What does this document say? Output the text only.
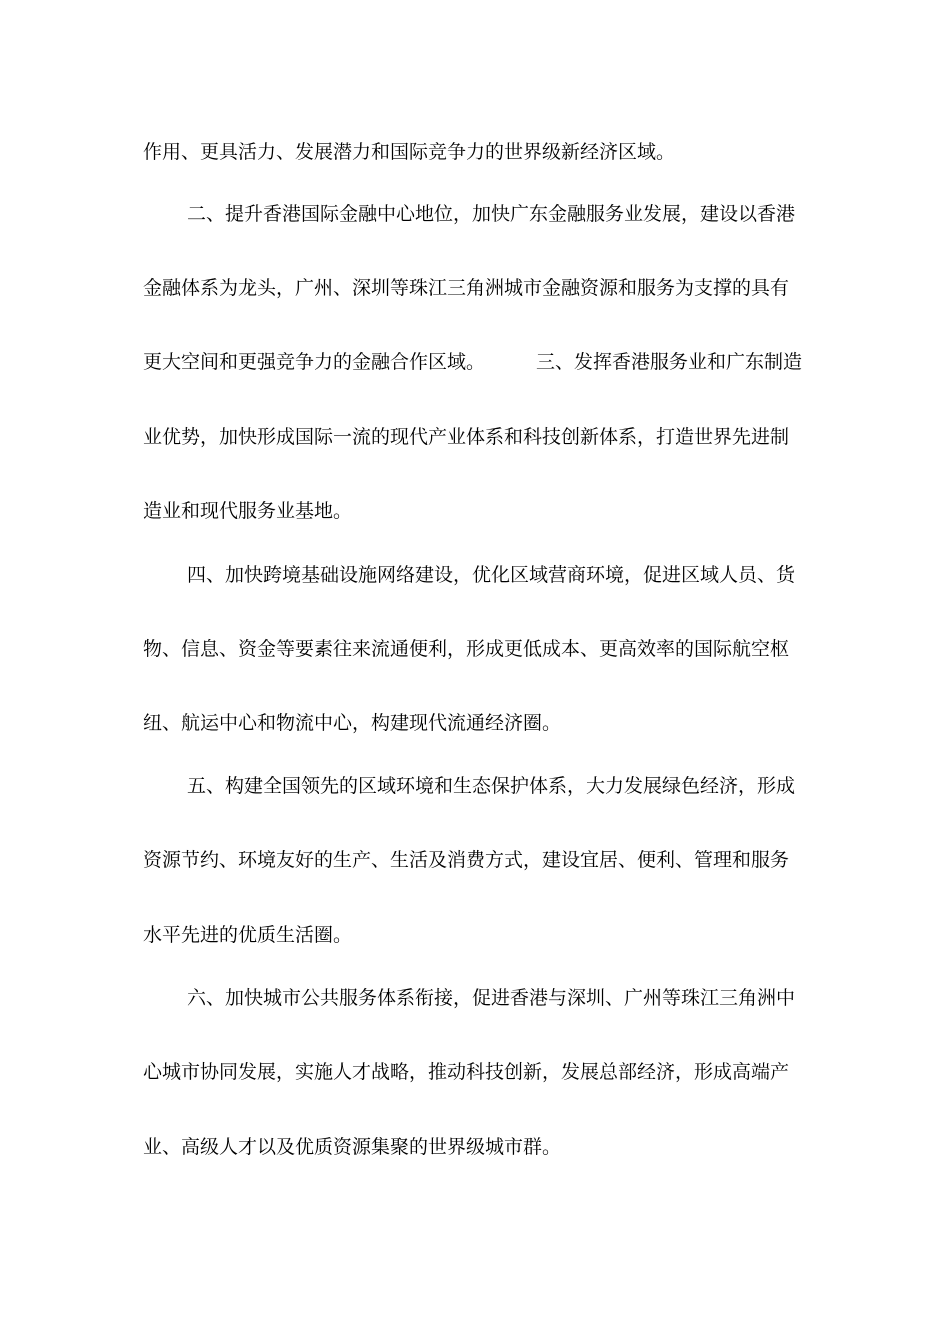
作用、更具活力、发展潜力和国际竞争力的世界级新经济区域。
二、提升香港国际金融中心地位，加快广东金融服务业发展，建设以香港
金融体系为龙头，广州、深圳等珠江三角洲城市金融资源和服务为支撑的具有
更大空间和更强竞争力的金融合作区域。	三、发挥香港服务业和广东制造
业优势，加快形成国际一流的现代产业体系和科技创新体系，打造世界先进制
造业和现代服务业基地。
四、加快跨境基础设施网络建设，优化区域营商环境，促进区域人员、货
物、信息、资金等要素往来流通便利，形成更低成本、更高效率的国际航空枢
纽、航运中心和物流中心，构建现代流通经济圈。
五、构建全国领先的区域环境和生态保护体系，大力发展绿色经济，形成
资源节约、环境友好的生产、生活及消费方式，建设宜居、便利、管理和服务
水平先进的优质生活圈。
六、加快城市公共服务体系衔接，促进香港与深圳、广州等珠江三角洲中
心城市协同发展，实施人才战略，推动科技创新，发展总部经济，形成高端产
业、高级人才以及优质资源集聚的世界级城市群。
